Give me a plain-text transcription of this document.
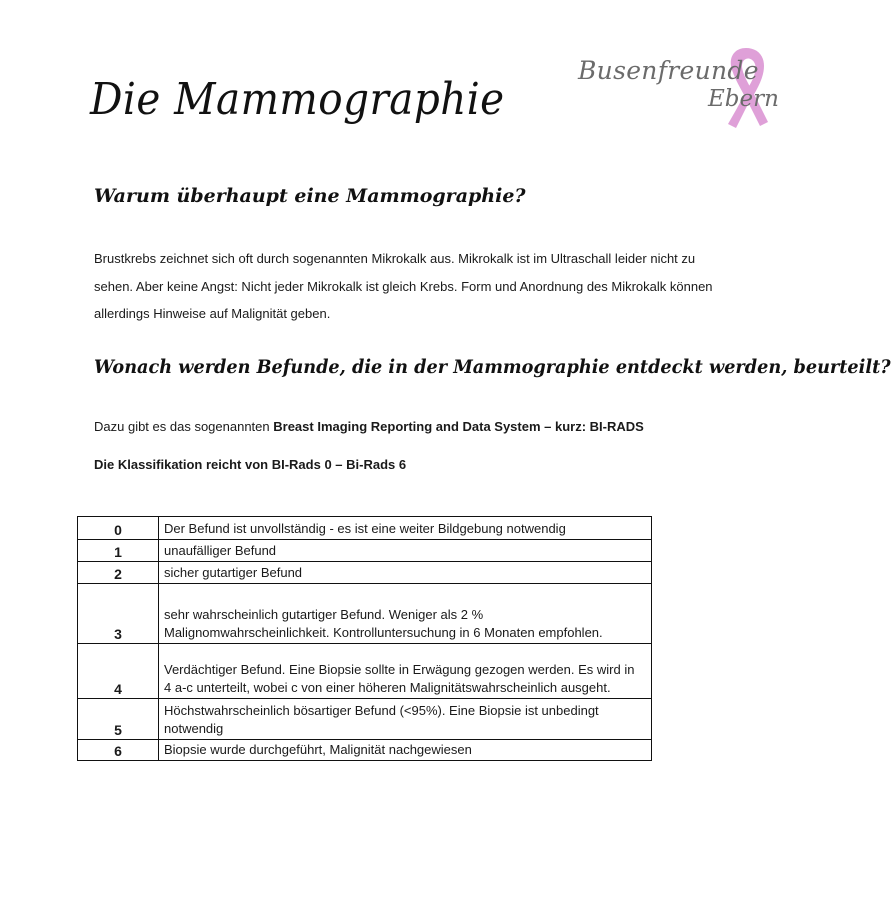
Die Mammographie
Busenfreunde
Ebern
Warum überhaupt eine Mammographie?

Brustkrebs zeichnet sich oft durch sogenannten Mikrokalk aus. Mikrokalk ist im Ultraschall leider nicht zu sehen. Aber keine Angst: Nicht jeder Mikrokalk ist gleich Krebs. Form und Anordnung des Mikrokalk können allerdings Hinweise auf Malignität geben.

Wonach werden Befunde, die in der Mammographie entdeckt werden, beurteilt?

Dazu gibt es das sogenannten Breast Imaging Reporting and Data System – kurz: BI-RADS

Die Klassifikation reicht von BI-Rads 0 – Bi-Rads 6

0	Der Befund ist unvollständig - es ist eine weiter Bildgebung notwendig
1	unaufälliger Befund
2	sicher gutartiger Befund
3	sehr wahrscheinlich gutartiger Befund. Weniger als 2 % Malignomwahrscheinlichkeit. Kontrolluntersuchung in 6 Monaten empfohlen.
4	Verdächtiger Befund. Eine Biopsie sollte in Erwägung gezogen werden. Es wird in 4 a-c unterteilt, wobei c von einer höheren Malignitätswahrscheinlich ausgeht.
5	Höchstwahrscheinlich bösartiger Befund (<95%). Eine Biopsie ist unbedingt notwendig
6	Biopsie wurde durchgeführt, Malignität nachgewiesen
